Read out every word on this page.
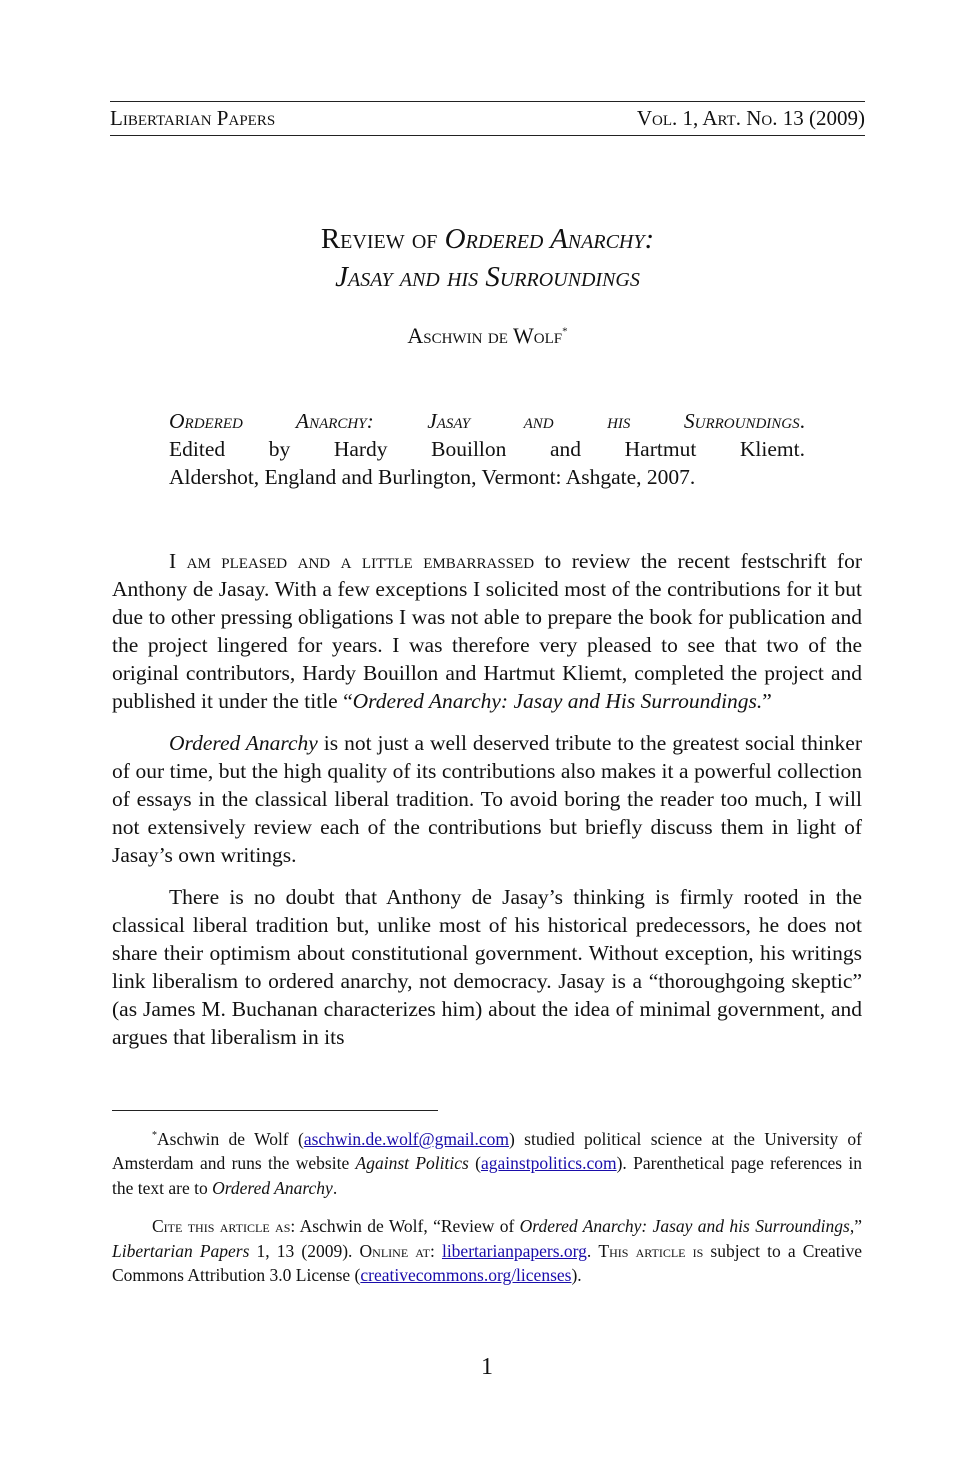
Libertarian Papers	Vol. 1, Art. No. 13 (2009)
Review of Ordered Anarchy:
Jasay and his Surroundings
Aschwin de Wolf*
Ordered Anarchy: Jasay and his Surroundings.
Edited by Hardy Bouillon and Hartmut Kliemt.
Aldershot, England and Burlington, Vermont: Ashgate, 2007.

I am pleased and a little embarrassed to review the recent festschrift for Anthony de Jasay. With a few exceptions I solicited most of the contributions for it but due to other pressing obligations I was not able to prepare the book for publication and the project lingered for years. I was therefore very pleased to see that two of the original contributors, Hardy Bouillon and Hartmut Kliemt, completed the project and published it under the title “Ordered Anarchy: Jasay and His Surroundings.”

Ordered Anarchy is not just a well deserved tribute to the greatest social thinker of our time, but the high quality of its contributions also makes it a powerful collection of essays in the classical liberal tradition. To avoid boring the reader too much, I will not extensively review each of the contributions but briefly discuss them in light of Jasay’s own writings.

There is no doubt that Anthony de Jasay’s thinking is firmly rooted in the classical liberal tradition but, unlike most of his historical predecessors, he does not share their optimism about constitutional government. Without exception, his writings link liberalism to ordered anarchy, not democracy. Jasay is a “thoroughgoing skeptic” (as James M. Buchanan characterizes him) about the idea of minimal government, and argues that liberalism in its

*Aschwin de Wolf (aschwin.de.wolf@gmail.com) studied political science at the University of Amsterdam and runs the website Against Politics (againstpolitics.com). Parenthetical page references in the text are to Ordered Anarchy.

Cite this article as: Aschwin de Wolf, “Review of Ordered Anarchy: Jasay and his Surroundings,” Libertarian Papers 1, 13 (2009). Online at: libertarianpapers.org. This article is subject to a Creative Commons Attribution 3.0 License (creativecommons.org/licenses).

1
